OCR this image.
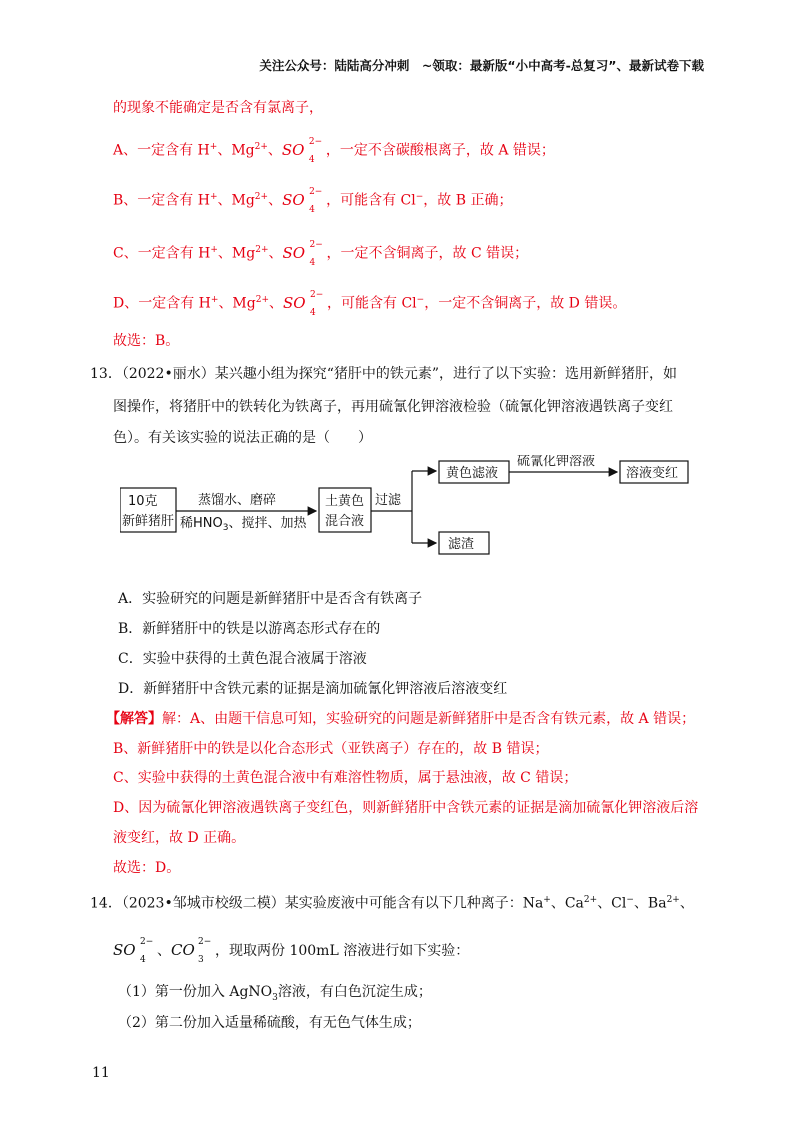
关注公众号：陆陆高分冲刺　~领取：最新版“小中高考-总复习”、最新试卷下载
的现象不能确定是否含有氯离子，
A、一定含有 H+、$Mg^{2+}$、SO 2−
4
，一定不含碳酸根离子，故 A 错误；
B、一定含有 H+、$Mg^{2+}$、SO 2−
4
，可能含有 Cl−，故 B 正确；
C、一定含有 H+、$Mg^{2+}$、SO 2−
4
，一定不含铜离子，故 C 错误；
D、一定含有 H+、$Mg^{2+}$、SO 2−
4
，可能含有 Cl−，一定不含铜离子，故 D 错误。
故选：B。
13．（2022•丽水）某兴趣小组为探究“猪肝中的铁元素”，进行了以下实验：选用新鲜猪肝，如
图操作，将猪肝中的铁转化为铁离子，再用硫氰化钾溶液检验（硫氰化钾溶液遇铁离子变红
色）。有关该实验的说法正确的是（　　）
10克
新鲜猪肝
蒸馏水、磨碎
稀$HNO_3$、搅拌、加热
土黄色
混合液
过滤
黄色滤液
硫氰化钾溶液
溶液变红
滤渣
A．实验研究的问题是新鲜猪肝中是否含有铁离子
B．新鲜猪肝中的铁是以游离态形式存在的
C．实验中获得的土黄色混合液属于溶液
D．新鲜猪肝中含铁元素的证据是滴加硫氰化钾溶液后溶液变红
【解答】解：A、由题干信息可知，实验研究的问题是新鲜猪肝中是否含有铁元素，故 A 错误；
B、新鲜猪肝中的铁是以化合态形式（亚铁离子）存在的，故 B 错误；
C、实验中获得的土黄色混合液中有难溶性物质，属于悬浊液，故 C 错误；
D、因为硫氰化钾溶液遇铁离子变红色，则新鲜猪肝中含铁元素的证据是滴加硫氰化钾溶液后溶
液变红，故 D 正确。
故选：D。
14．（2023•邹城市校级二模）某实验废液中可能含有以下几种离子：Na+、$Ca^{2+}$、Cl−、$Ba^{2+}$、
SO 2−
4
、CO 2−
3
，现取两份 100mL 溶液进行如下实验：
（1）第一份加入 AgNO$_3$溶液，有白色沉淀生成；
（2）第二份加入适量稀硫酸，有无色气体生成；
11
